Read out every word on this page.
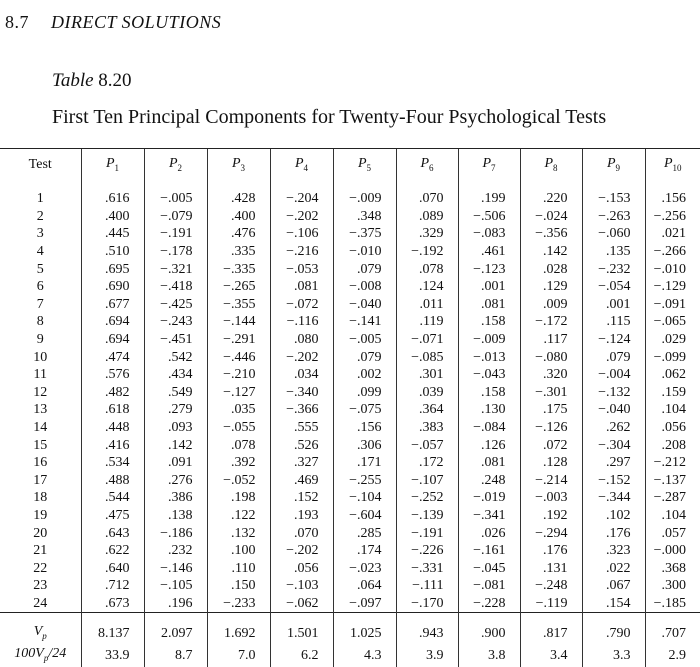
8.7 DIRECT SOLUTIONS
Table 8.20
First Ten Principal Components for Twenty-Four Psychological Tests
Test	$P_1$	$P_2$	$P_3$	$P_4$	$P_5$	$P_6$	$P_7$	$P_8$	$P_9$	$P_{10}$
1	.616	−.005	.428	−.204	−.009	.070	.199	.220	−.153	.156
2	.400	−.079	.400	−.202	.348	.089	−.506	−.024	−.263	−.256
3	.445	−.191	.476	−.106	−.375	.329	−.083	−.356	−.060	.021
4	.510	−.178	.335	−.216	−.010	−.192	.461	.142	.135	−.266
5	.695	−.321	−.335	−.053	.079	.078	−.123	.028	−.232	−.010
6	.690	−.418	−.265	.081	−.008	.124	.001	.129	−.054	−.129
7	.677	−.425	−.355	−.072	−.040	.011	.081	.009	.001	−.091
8	.694	−.243	−.144	−.116	−.141	.119	.158	−.172	.115	−.065
9	.694	−.451	−.291	.080	−.005	−.071	−.009	.117	−.124	.029
10	.474	.542	−.446	−.202	.079	−.085	−.013	−.080	.079	−.099
11	.576	.434	−.210	.034	.002	.301	−.043	.320	−.004	.062
12	.482	.549	−.127	−.340	.099	.039	.158	−.301	−.132	.159
13	.618	.279	.035	−.366	−.075	.364	.130	.175	−.040	.104
14	.448	.093	−.055	.555	.156	.383	−.084	−.126	.262	.056
15	.416	.142	.078	.526	.306	−.057	.126	.072	−.304	.208
16	.534	.091	.392	.327	.171	.172	.081	.128	.297	−.212
17	.488	.276	−.052	.469	−.255	−.107	.248	−.214	−.152	−.137
18	.544	.386	.198	.152	−.104	−.252	−.019	−.003	−.344	−.287
19	.475	.138	.122	.193	−.604	−.139	−.341	.192	.102	.104
20	.643	−.186	.132	.070	.285	−.191	.026	−.294	.176	.057
21	.622	.232	.100	−.202	.174	−.226	−.161	.176	.323	−.000
22	.640	−.146	.110	.056	−.023	−.331	−.045	.131	.022	.368
23	.712	−.105	.150	−.103	.064	−.111	−.081	−.248	.067	.300
24	.673	.196	−.233	−.062	−.097	−.170	−.228	−.119	.154	−.185
$V_p$	8.137	2.097	1.692	1.501	1.025	.943	.900	.817	.790	.707
$100V_p/24$	33.9	8.7	7.0	6.2	4.3	3.9	3.8	3.4	3.3	2.9
